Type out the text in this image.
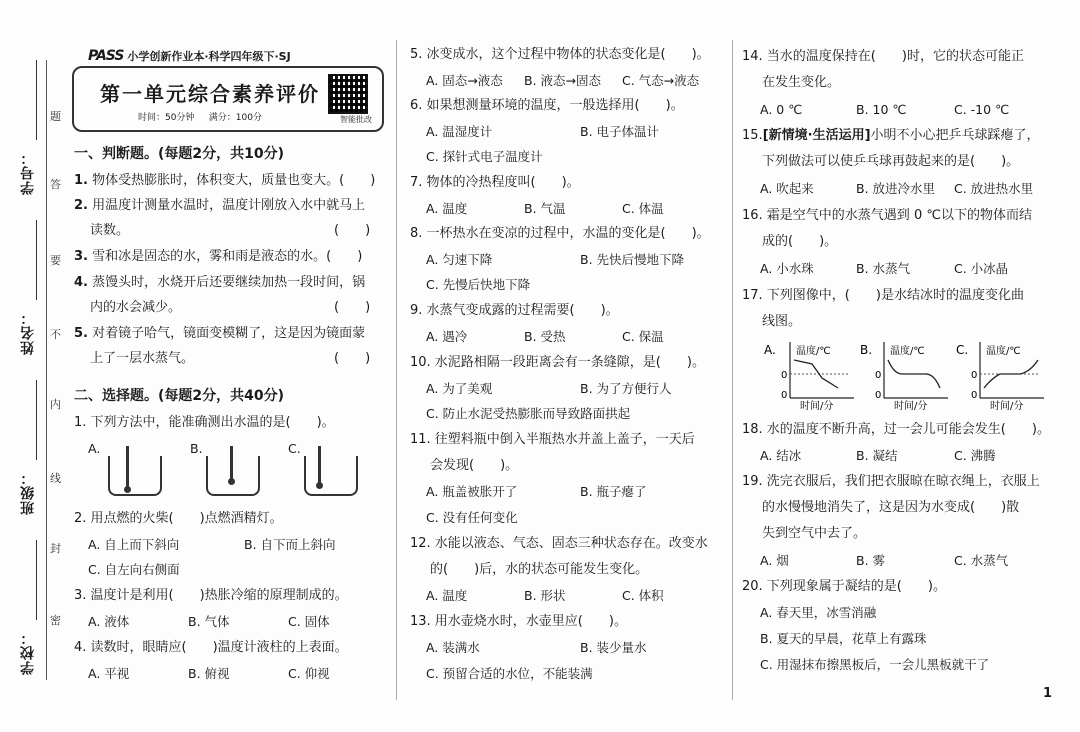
学号：
姓名：
班级：
学校：
题
答
要
不
内
线
封
密
PASS 小学创新作业本·科学四年级下·SJ
第一单元综合素养评价
时间：50分钟 满分：100分	智能批改
一、判断题。(每题2分，共10分)
1. 物体受热膨胀时，体积变大，质量也变大。(　　)
2. 用温度计测量水温时，温度计刚放入水中就马上
读数。	(　　)
3. 雪和冰是固态的水，雾和雨是液态的水。(　　)
4. 蒸馒头时，水烧开后还要继续加热一段时间，锅
内的水会减少。	(　　)
5. 对着镜子哈气，镜面变模糊了，这是因为镜面蒙
上了一层水蒸气。	(　　)
二、选择题。(每题2分，共40分)
1. 下列方法中，能准确测出水温的是(　　)。
A.	B.	C.
2. 用点燃的火柴(　　)点燃酒精灯。
A. 自上而下斜向	B. 自下而上斜向
C. 自左向右侧面
3. 温度计是利用(　　)热胀冷缩的原理制成的。
A. 液体	B. 气体	C. 固体
4. 读数时，眼睛应(　　)温度计液柱的上表面。
A. 平视	B. 俯视	C. 仰视
5. 冰变成水，这个过程中物体的状态变化是(　　)。
A. 固态→液态 B. 液态→固态 C. 气态→液态
6. 如果想测量环境的温度，一般选择用(　　)。
A. 温湿度计	B. 电子体温计
C. 探针式电子温度计
7. 物体的冷热程度叫(　　)。
A. 温度	B. 气温	C. 体温
8. 一杯热水在变凉的过程中，水温的变化是(　　)。
A. 匀速下降	B. 先快后慢地下降
C. 先慢后快地下降
9. 水蒸气变成露的过程需要(　　)。
A. 遇冷	B. 受热	C. 保温
10. 水泥路相隔一段距离会有一条缝隙，是(　　)。
A. 为了美观	B. 为了方便行人
C. 防止水泥受热膨胀而导致路面拱起
11. 往塑料瓶中倒入半瓶热水并盖上盖子，一天后
会发现(　　)。
A. 瓶盖被胀开了	B. 瓶子瘪了
C. 没有任何变化
12. 水能以液态、气态、固态三种状态存在。改变水
的(　　)后，水的状态可能发生变化。
A. 温度	B. 形状	C. 体积
13. 用水壶烧水时，水壶里应(　　)。
A. 装满水	B. 装少量水
C. 预留合适的水位，不能装满
14. 当水的温度保持在(　　)时，它的状态可能正
在发生变化。
A. 0 ℃	B. 10 ℃	C. -10 ℃
15.[新情境·生活运用]小明不小心把乒乓球踩瘪了，
下列做法可以使乒乓球再鼓起来的是(　　)。
A. 吹起来	B. 放进冷水里 C. 放进热水里
16. 霜是空气中的水蒸气遇到 0 ℃以下的物体而结
成的(　　)。
A. 小水珠	B. 水蒸气	C. 小冰晶
17. 下列图像中，(　　)是水结冰时的温度变化曲
线图。
A. 温度/℃
时间/分
0
0
B. 温度/℃
时间/分
0
0
C. 温度/℃
时间/分
0
0
18. 水的温度不断升高，过一会儿可能会发生(　　)。
A. 结冰	B. 凝结	C. 沸腾
19. 洗完衣服后，我们把衣服晾在晾衣绳上，衣服上
的水慢慢地消失了，这是因为水变成(　　)散
失到空气中去了。
A. 烟	B. 雾	C. 水蒸气
20. 下列现象属于凝结的是(　　)。
A. 春天里，冰雪消融
B. 夏天的早晨，花草上有露珠
C. 用湿抹布擦黑板后，一会儿黑板就干了
1
